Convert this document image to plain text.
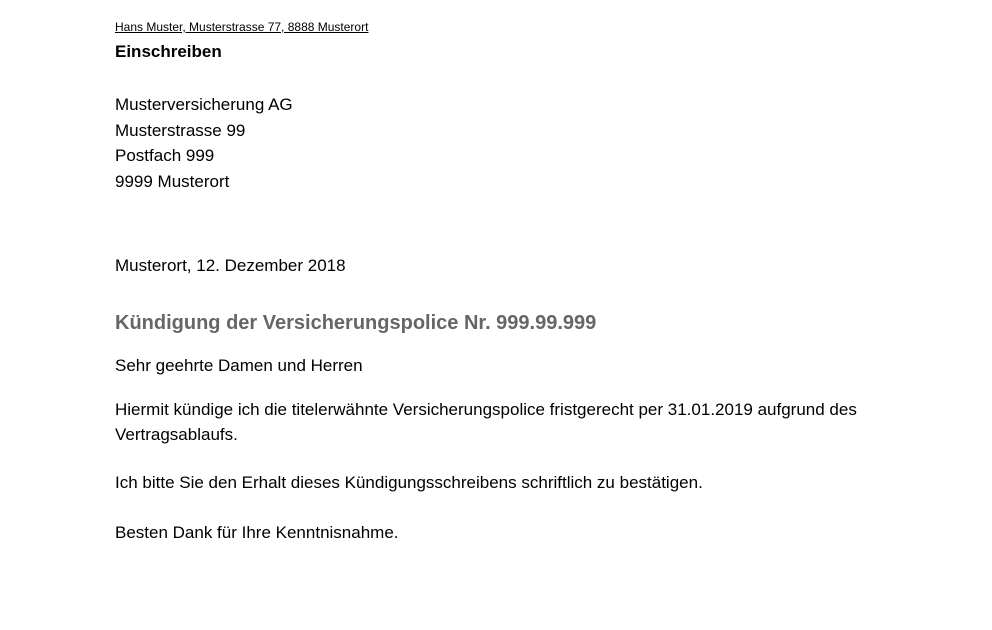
Hans Muster, Musterstrasse 77, 8888 Musterort
Einschreiben
Musterversicherung AG
Musterstrasse 99
Postfach 999
9999 Musterort
Musterort, 12. Dezember 2018
Kündigung der Versicherungspolice Nr. 999.99.999
Sehr geehrte Damen und Herren
Hiermit kündige ich die titelerwähnte Versicherungspolice fristgerecht per 31.01.2019 aufgrund des Vertragsablaufs.
Ich bitte Sie den Erhalt dieses Kündigungsschreibens schriftlich zu bestätigen.
Besten Dank für Ihre Kenntnisnahme.
